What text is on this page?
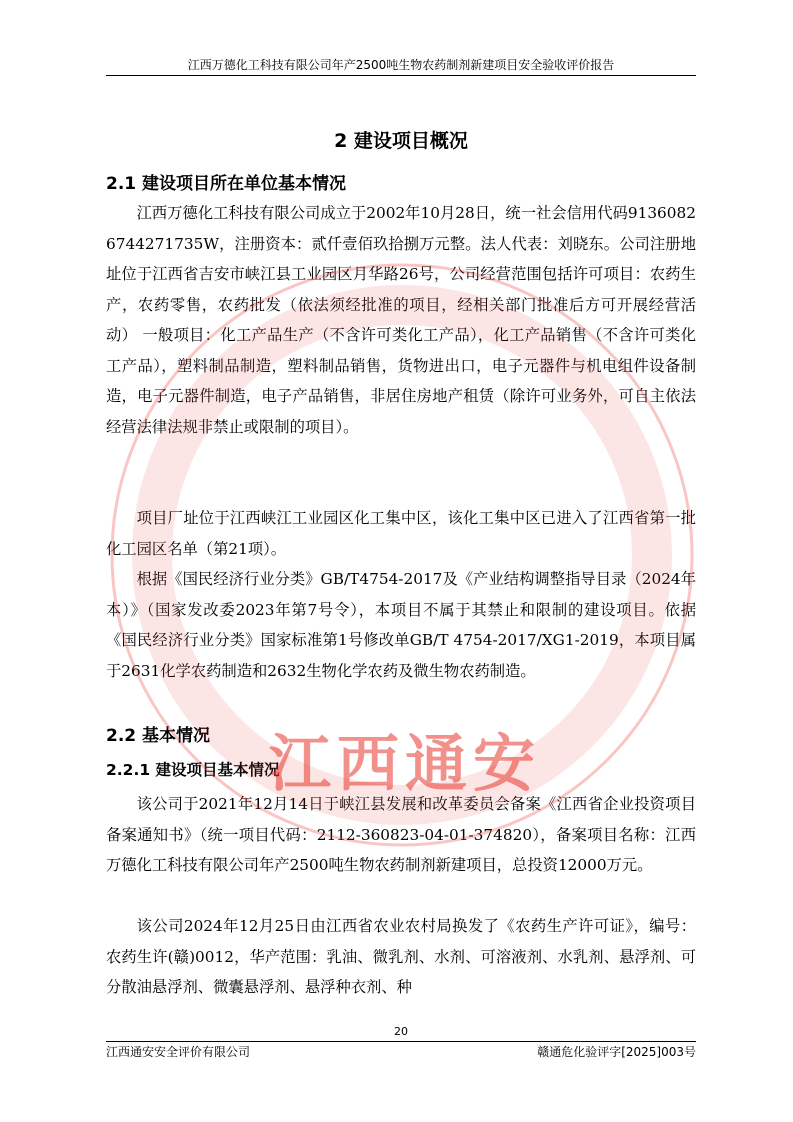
江西万德化工科技有限公司年产2500吨生物农药制剂新建项目安全验收评价报告
2 建设项目概况
2.1 建设项目所在单位基本情况

江西万德化工科技有限公司成立于2002年10月28日，统一社会信用代码91360826744271735W，注册资本：贰仟壹佰玖拾捌万元整。法人代表：刘晓东。公司注册地址位于江西省吉安市峡江县工业园区月华路26号，公司经营范围包括许可项目：农药生产，农药零售，农药批发（依法须经批准的项目，经相关部门批准后方可开展经营活动） 一般项目：化工产品生产（不含许可类化工产品），化工产品销售（不含许可类化工产品），塑料制品制造，塑料制品销售，货物进出口，电子元器件与机电组件设备制造，电子元器件制造，电子产品销售，非居住房地产租赁（除许可业务外，可自主依法经营法律法规非禁止或限制的项目）。

项目厂址位于江西峡江工业园区化工集中区，该化工集中区已进入了江西省第一批化工园区名单（第21项）。

根据《国民经济行业分类》GB/T4754-2017及《产业结构调整指导目录（2024年本）》（国家发改委2023年第7号令），本项目不属于其禁止和限制的建设项目。依据《国民经济行业分类》国家标准第1号修改单GB/T 4754-2017/XG1-2019，本项目属于2631化学农药制造和2632生物化学农药及微生物农药制造。

2.2 基本情况
2.2.1 建设项目基本情况

该公司于2021年12月14日于峡江县发展和改革委员会备案《江西省企业投资项目备案通知书》（统一项目代码：2112-360823-04-01-374820），备案项目名称：江西万德化工科技有限公司年产2500吨生物农药制剂新建项目，总投资12000万元。

该公司2024年12月25日由江西省农业农村局换发了《农药生产许可证》，编号：农药生许(赣)0012，华产范围：乳油、微乳剂、水剂、可溶液剂、水乳剂、悬浮剂、可分散油悬浮剂、微囊悬浮剂、悬浮种衣剂、种

江西通安
20
江西通安安全评价有限公司	赣通危化验评字[2025]003号
